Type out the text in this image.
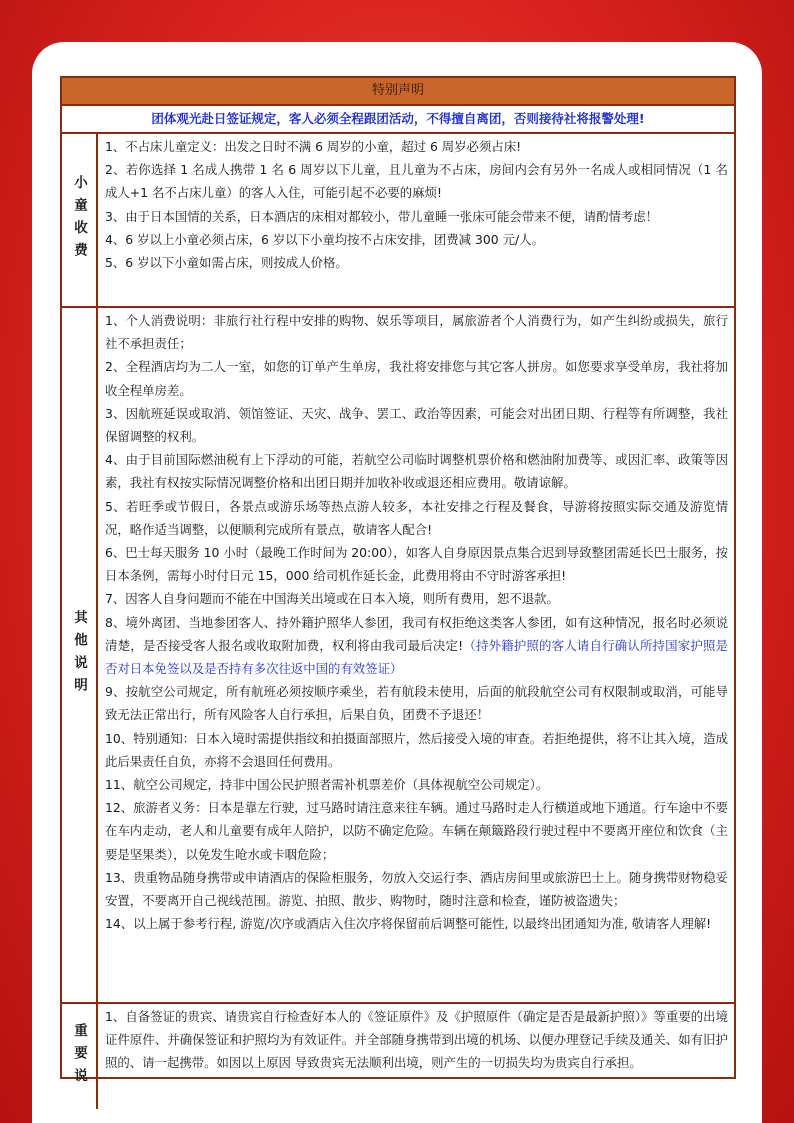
特别声明
团体观光赴日签证规定，客人必须全程跟团活动，不得擅自离团，否则接待社将报警处理!
小童收费
1、不占床儿童定义：出发之日时不满 6 周岁的小童，超过 6 周岁必须占床!
2、若你选择 1 名成人携带 1 名 6 周岁以下儿童，且儿童为不占床，房间内会有另外一名成人或相同情况（1 名成人+1 名不占床儿童）的客人入住，可能引起不必要的麻烦!
3、由于日本国情的关系，日本酒店的床相对都较小，带儿童睡一张床可能会带来不便，请酌情考虑！
4、6 岁以上小童必须占床，6 岁以下小童均按不占床安排，团费减 300 元/人。
5、6 岁以下小童如需占床，则按成人价格。
其他说明
1、个人消费说明：非旅行社行程中安排的购物、娱乐等项目，属旅游者个人消费行为，如产生纠纷或损失，旅行社不承担责任；
2、全程酒店均为二人一室，如您的订单产生单房，我社将安排您与其它客人拼房。如您要求享受单房，我社将加收全程单房差。
3、因航班延误或取消、领馆签证、天灾、战争、罢工、政治等因素，可能会对出团日期、行程等有所调整，我社保留调整的权利。
4、由于目前国际燃油税有上下浮动的可能，若航空公司临时调整机票价格和燃油附加费等、或因汇率、政策等因素，我社有权按实际情况调整价格和出团日期并加收补收或退还相应费用。敬请谅解。
5、若旺季或节假日，各景点或游乐场等热点游人较多，本社安排之行程及餐食，导游将按照实际交通及游览情况，略作适当调整，以便顺利完成所有景点，敬请客人配合!
6、巴士每天服务 10 小时（最晚工作时间为 20:00），如客人自身原因景点集合迟到导致整团需延长巴士服务，按日本条例，需每小时付日元 15，000 给司机作延长金，此费用将由不守时游客承担!
7、因客人自身问题而不能在中国海关出境或在日本入境，则所有费用，恕不退款。
8、境外离团、当地参团客人、持外籍护照华人参团，我司有权拒绝这类客人参团，如有这种情况，报名时必须说清楚，是否接受客人报名或收取附加费，权利将由我司最后决定!（持外籍护照的客人请自行确认所持国家护照是否对日本免签以及是否持有多次往返中国的有效签证）
9、按航空公司规定，所有航班必须按顺序乘坐，若有航段未使用，后面的航段航空公司有权限制或取消，可能导致无法正常出行，所有风险客人自行承担，后果自负，团费不予退还！
10、特别通知：日本入境时需提供指纹和拍摄面部照片，然后接受入境的审查。若拒绝提供，将不让其入境，造成此后果责任自负，亦将不会退回任何费用。
11、航空公司规定，持非中国公民护照者需补机票差价（具体视航空公司规定）。
12、旅游者义务：日本是靠左行驶，过马路时请注意来往车辆。通过马路时走人行横道或地下通道。行车途中不要在车内走动，老人和儿童要有成年人陪护，以防不确定危险。车辆在颠簸路段行驶过程中不要离开座位和饮食（主要是坚果类），以免发生呛水或卡咽危险；
13、贵重物品随身携带或申请酒店的保险柜服务，勿放入交运行李、酒店房间里或旅游巴士上。随身携带财物稳妥安置，不要离开自己视线范围。游览、拍照、散步、购物时，随时注意和检查，谨防被盗遗失；
14、以上属于参考行程, 游览/次序或酒店入住次序将保留前后调整可能性, 以最终出团通知为准, 敬请客人理解!
重要说
1、自备签证的贵宾、请贵宾自行检查好本人的《签证原件》及《护照原件（确定是否是最新护照）》等重要的出境证件原件、并确保签证和护照均为有效证件。并全部随身携带到出境的机场、以便办理登记手续及通关、如有旧护照的、请一起携带。如因以上原因 导致贵宾无法顺利出境，则产生的一切损失均为贵宾自行承担。
